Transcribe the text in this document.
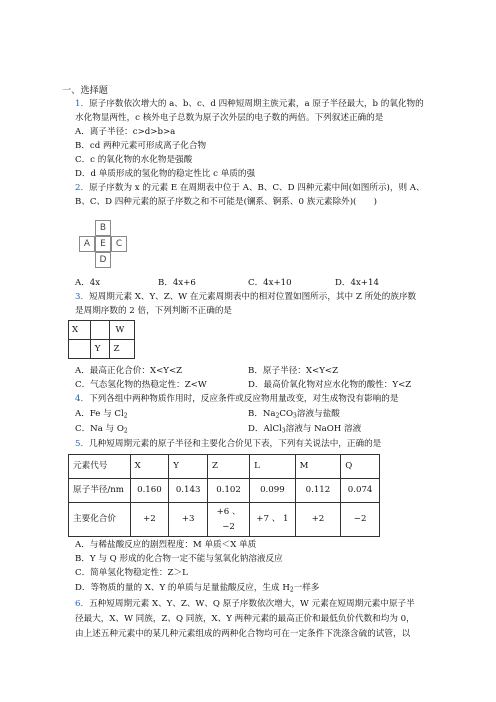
一、选择题
1．原子序数依次增大的 a、b、c、d 四种短周期主族元素，a 原子半径最大，b 的氧化物的
水化物显两性，c 核外电子总数为原子次外层的电子数的两倍。下列叙述正确的是
A．离子半径：c>d>b>a
B．cd 两种元素可形成离子化合物
C．c 的氧化物的水化物是强酸
D．d 单质形成的氢化物的稳定性比 c 单质的强
2．原子序数为 x 的元素 E 在周期表中位于 A、B、C、D 四种元素中间(如图所示)，则 A、
B、C、D 四种元素的原子序数之和不可能是(镧系、锕系、0 族元素除外)(　　)
B
A	E	C
D
A．4x	B．4x+6	C．4x+10	D．4x+14
3．短周期元素 X、Y、Z、W 在元素周期表中的相对位置如图所示，其中 Z 所处的族序数
是周期序数的 2 倍，下列判断不正确的是
X		W
	Y	Z
A．最高正化合价：X<Y<Z	B．原子半径：X<Y<Z
C．气态氢化物的热稳定性：Z<W	D．最高价氧化物对应水化物的酸性：Y<Z
4．下列各组中两种物质作用时，反应条件或反应物用量改变，对生成物没有影响的是
A．Fe 与 $Cl_2$	B．$Na_2CO_3$溶液与盐酸
C．Na 与 $O_2$	D．AlCl$_3$溶液与 NaOH 溶液
5．几种短周期元素的原子半径和主要化合价见下表，下列有关说法中，正确的是
元素代号	X	Y	Z	L	M	Q
原子半径/nm	0.160	0.143	0.102	0.099	0.112	0.074
主要化合价	+2	+3	+6 、
−2	+7 、 1	+2	−2
A．与稀盐酸反应的剧烈程度：M 单质＜X 单质
B．Y 与 Q 形成的化合物一定不能与氢氧化钠溶液反应
C．简单氢化物稳定性：Z＞L
D．等物质的量的 X、Y 的单质与足量盐酸反应，生成 $H_2$一样多
6．五种短周期元素 X、Y、Z、W、Q 原子序数依次增大，W 元素在短周期元素中原子半
径最大，X、W 同族，Z、Q 同族，X、Y 两种元素的最高正价和最低负价代数和均为 0，
由上述五种元素中的某几种元素组成的两种化合物均可在一定条件下洗涤含硫的试管，以
